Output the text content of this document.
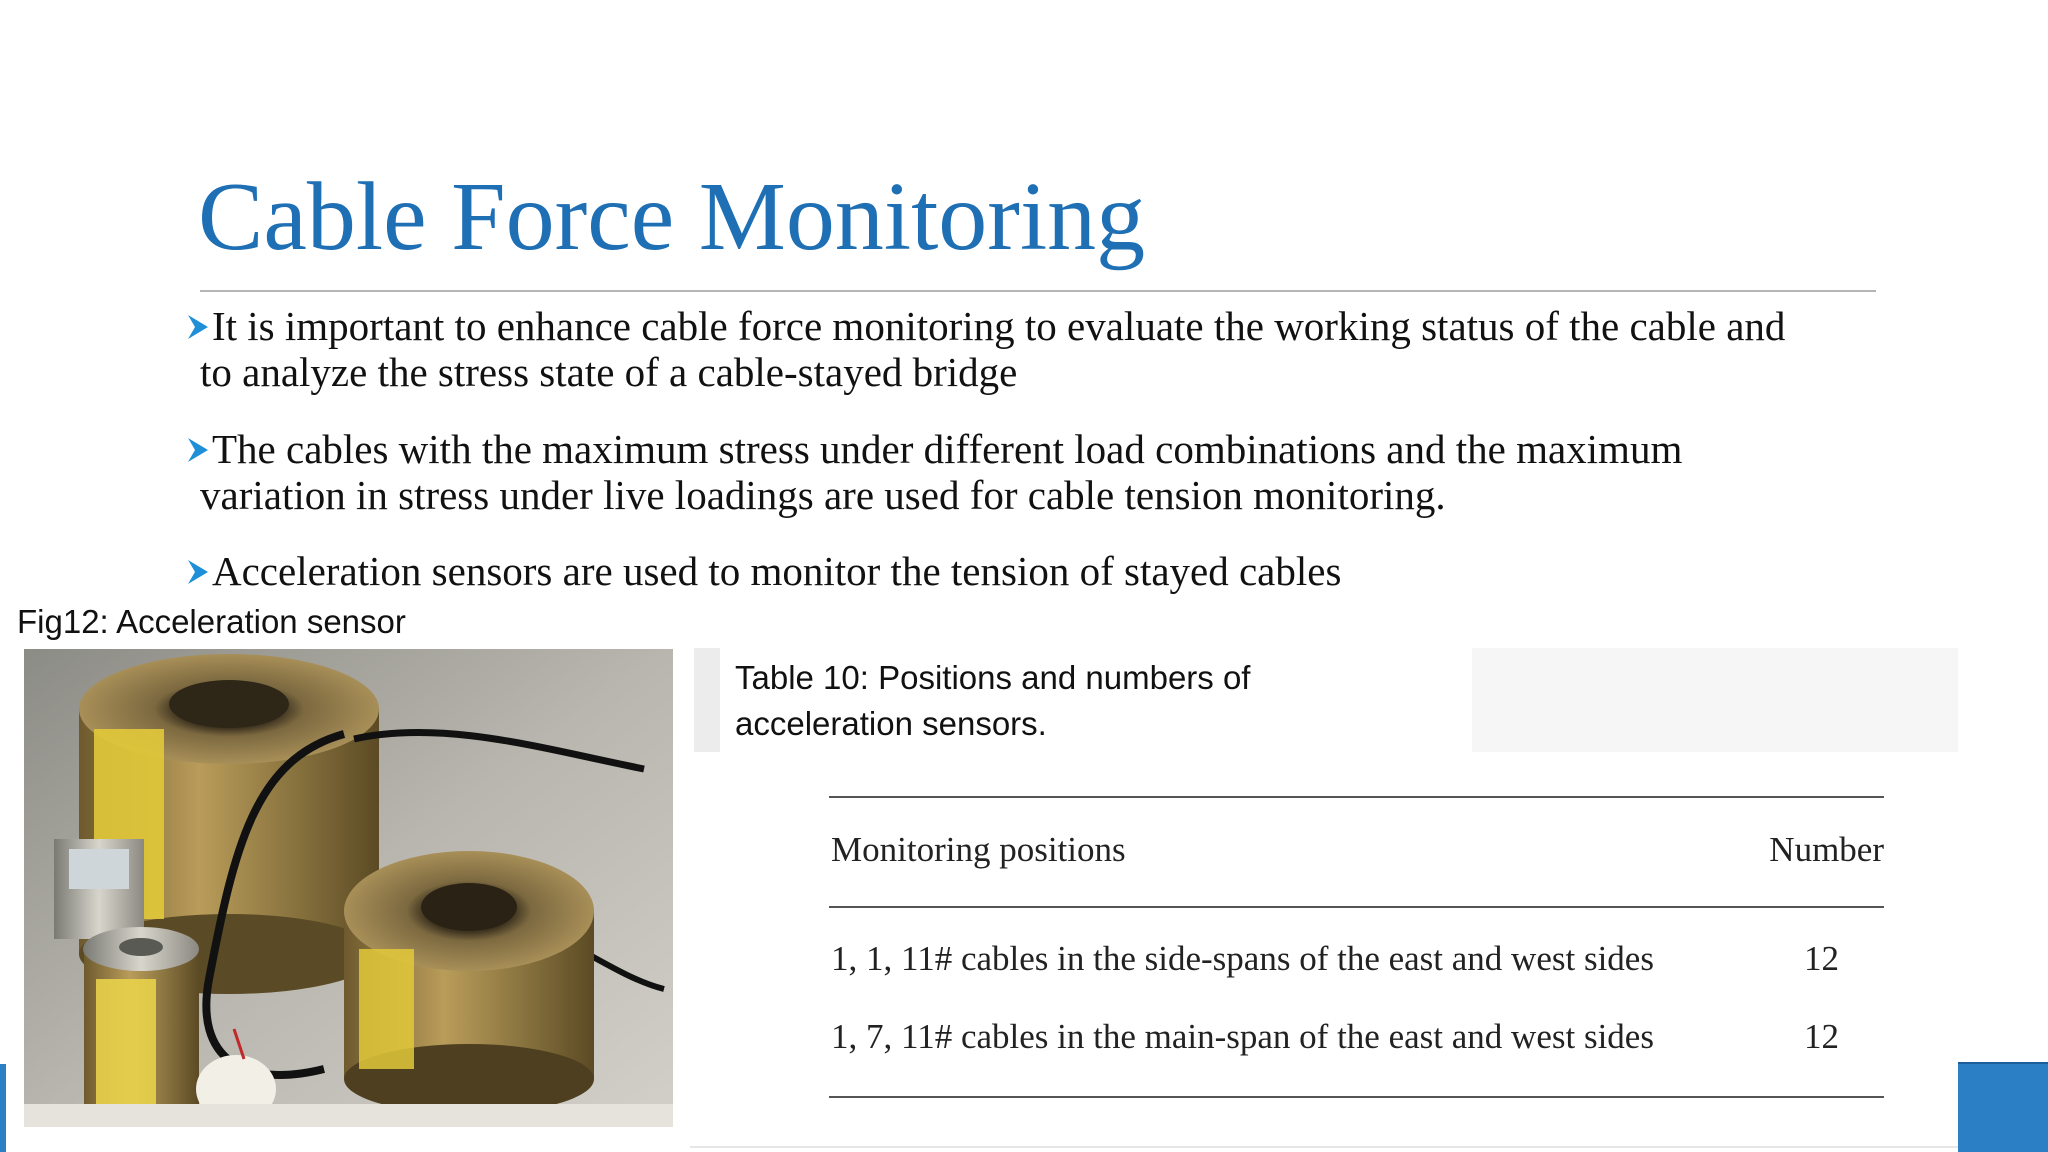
Cable Force Monitoring
It is important to enhance cable force monitoring to evaluate the working status of the cable and
to analyze the stress state of a cable-stayed bridge
The cables with the maximum stress under different load combinations and the maximum
variation in stress under live loadings are used for cable tension monitoring.
Acceleration sensors are used to monitor the tension of stayed cables
Fig12: Acceleration sensor
Table 10: Positions and numbers of
acceleration sensors.
Monitoring positions	Number
1, 1, 11# cables in the side-spans of the east and west sides	12
1, 7, 11# cables in the main-span of the east and west sides	12
